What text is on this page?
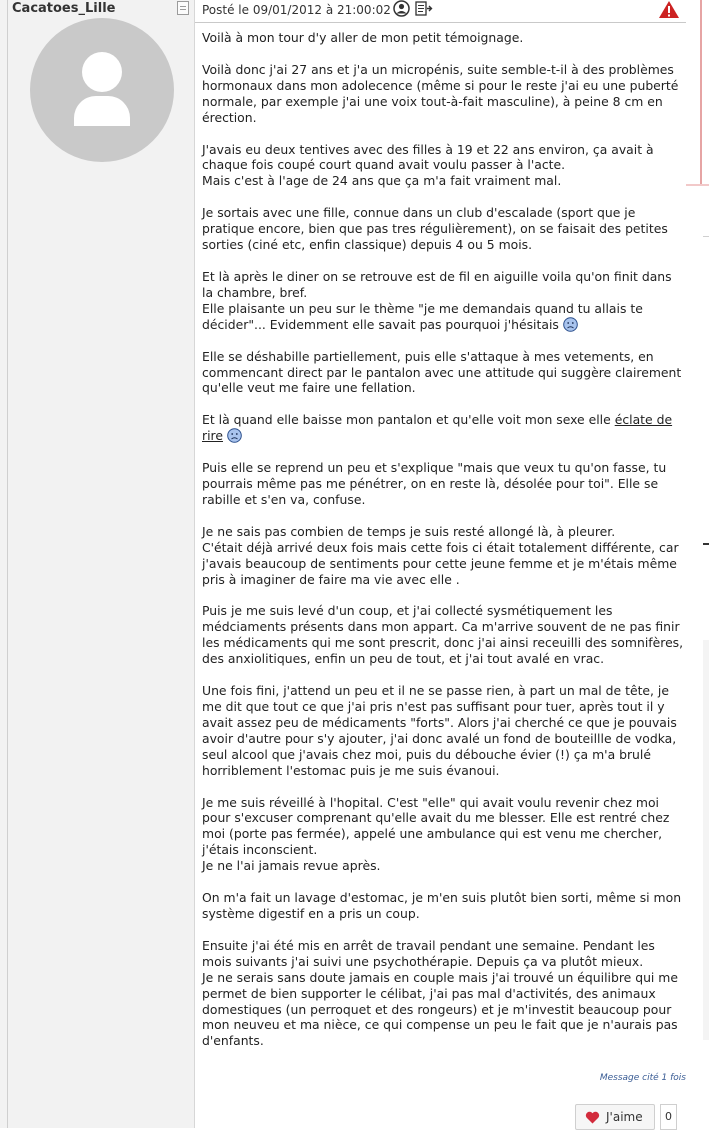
Cacatoes_Lille	Posté le 09/01/2012 à 21:00:02

Voilà à mon tour d'y aller de mon petit témoignage.

Voilà donc j'ai 27 ans et j'a un micropénis, suite semble-t-il à des problèmes hormonaux dans mon adolecence (même si pour le reste j'ai eu une puberté normale, par exemple j'ai une voix tout-à-fait masculine), à peine 8 cm en érection.

J'avais eu deux tentives avec des filles à 19 et 22 ans environ, ça avait à chaque fois coupé court quand avait voulu passer à l'acte.
Mais c'est à l'age de 24 ans que ça m'a fait vraiment mal.

Je sortais avec une fille, connue dans un club d'escalade (sport que je pratique encore, bien que pas tres régulièrement), on se faisait des petites sorties (ciné etc, enfin classique) depuis 4 ou 5 mois.

Et là après le diner on se retrouve est de fil en aiguille voila qu'on finit dans la chambre, bref.
Elle plaisante un peu sur le thème "je me demandais quand tu allais te décider"... Evidemment elle savait pas pourquoi j'hésitais

Elle se déshabille partiellement, puis elle s'attaque à mes vetements, en commencant direct par le pantalon avec une attitude qui suggère clairement qu'elle veut me faire une fellation.

Et là quand elle baisse mon pantalon et qu'elle voit mon sexe elle éclate de rire

Puis elle se reprend un peu et s'explique "mais que veux tu qu'on fasse, tu pourrais même pas me pénétrer, on en reste là, désolée pour toi". Elle se rabille et s'en va, confuse.

Je ne sais pas combien de temps je suis resté allongé là, à pleurer.
C'était déjà arrivé deux fois mais cette fois ci était totalement différente, car j'avais beaucoup de sentiments pour cette jeune femme et je m'étais même pris à imaginer de faire ma vie avec elle .

Puis je me suis levé d'un coup, et j'ai collecté sysmétiquement les médciaments présents dans mon appart. Ca m'arrive souvent de ne pas finir les médicaments qui me sont prescrit, donc j'ai ainsi receuilli des somnifères, des anxiolitiques, enfin un peu de tout, et j'ai tout avalé en vrac.

Une fois fini, j'attend un peu et il ne se passe rien, à part un mal de tête, je me dit que tout ce que j'ai pris n'est pas suffisant pour tuer, après tout il y avait assez peu de médicaments "forts". Alors j'ai cherché ce que je pouvais avoir d'autre pour s'y ajouter, j'ai donc avalé un fond de bouteillle de vodka, seul alcool que j'avais chez moi, puis du débouche évier (!) ça m'a brulé horriblement l'estomac puis je me suis évanoui.

Je me suis réveillé à l'hopital. C'est "elle" qui avait voulu revenir chez moi pour s'excuser comprenant qu'elle avait du me blesser. Elle est rentré chez moi (porte pas fermée), appelé une ambulance qui est venu me chercher, j'étais inconscient.
Je ne l'ai jamais revue après.

On m'a fait un lavage d'estomac, je m'en suis plutôt bien sorti, même si mon système digestif en a pris un coup.

Ensuite j'ai été mis en arrêt de travail pendant une semaine. Pendant les mois suivants j'ai suivi une psychothérapie. Depuis ça va plutôt mieux.
Je ne serais sans doute jamais en couple mais j'ai trouvé un équilibre qui me permet de bien supporter le célibat, j'ai pas mal d'activités, des animaux domestiques (un perroquet et des rongeurs) et je m'investit beaucoup pour mon neuveu et ma nièce, ce qui compense un peu le fait que je n'aurais pas d'enfants.

Message cité 1 fois
J'aime	0
